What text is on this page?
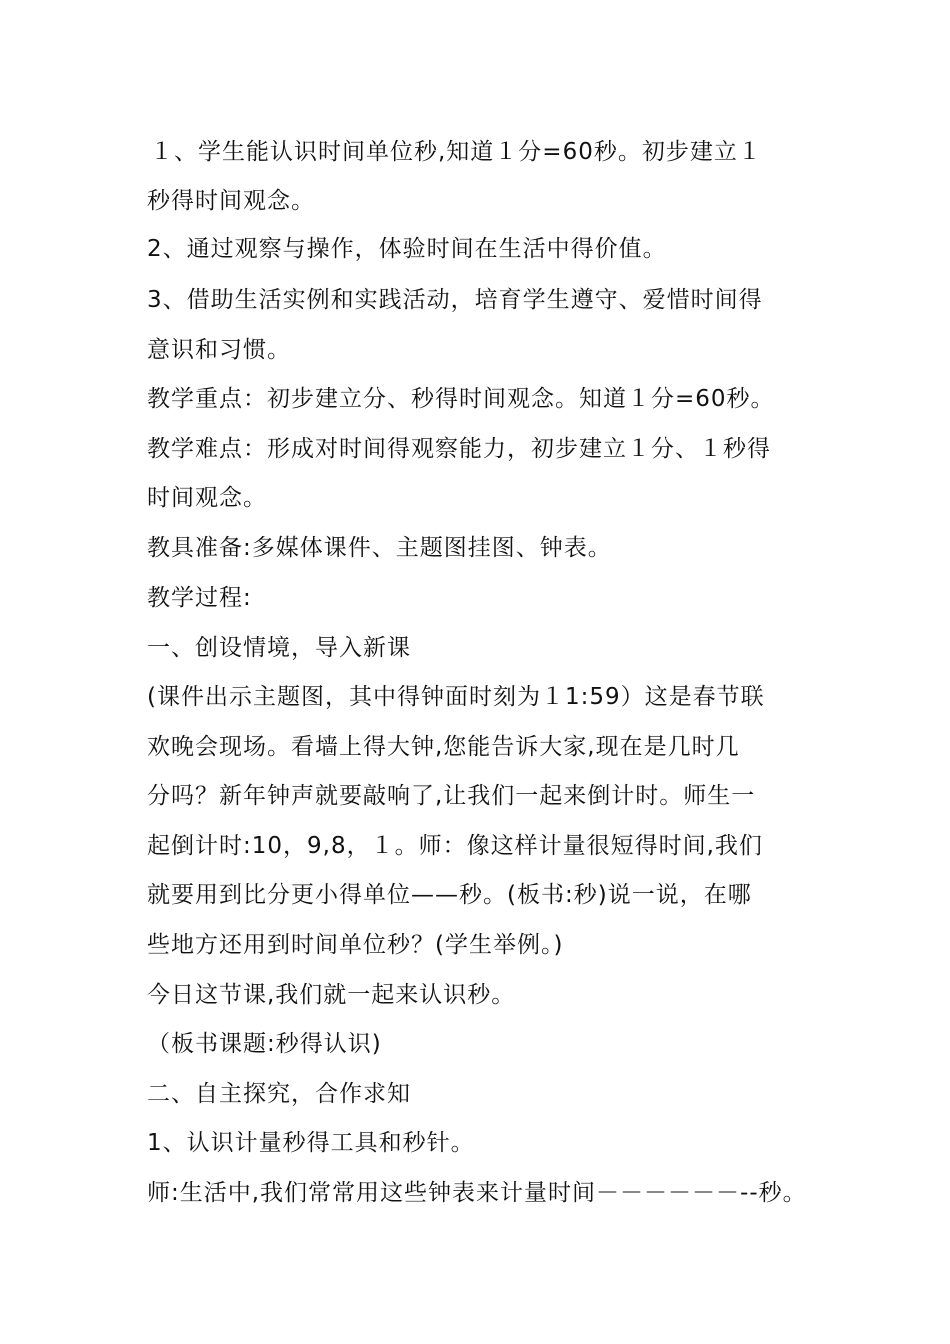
１、学生能认识时间单位秒,知道１分=60秒。初步建立１
秒得时间观念。
2、通过观察与操作，体验时间在生活中得价值。
3、借助生活实例和实践活动，培育学生遵守、爱惜时间得
意识和习惯。
教学重点：初步建立分、秒得时间观念。知道１分=60秒。
教学难点：形成对时间得观察能力，初步建立１分、１秒得
时间观念。
教具准备:多媒体课件、主题图挂图、钟表。
教学过程:
一、创设情境，导入新课
(课件出示主题图，其中得钟面时刻为１1:59）这是春节联
欢晚会现场。看墙上得大钟,您能告诉大家,现在是几时几
分吗？新年钟声就要敲响了,让我们一起来倒计时。师生一
起倒计时:10，9,8，１。师：像这样计量很短得时间,我们
就要用到比分更小得单位——秒。(板书:秒)说一说，在哪
些地方还用到时间单位秒？(学生举例。)
今日这节课,我们就一起来认识秒。
（板书课题:秒得认识)
二、自主探究，合作求知
1、认识计量秒得工具和秒针。
师:生活中,我们常常用这些钟表来计量时间－－－－－－--秒。
